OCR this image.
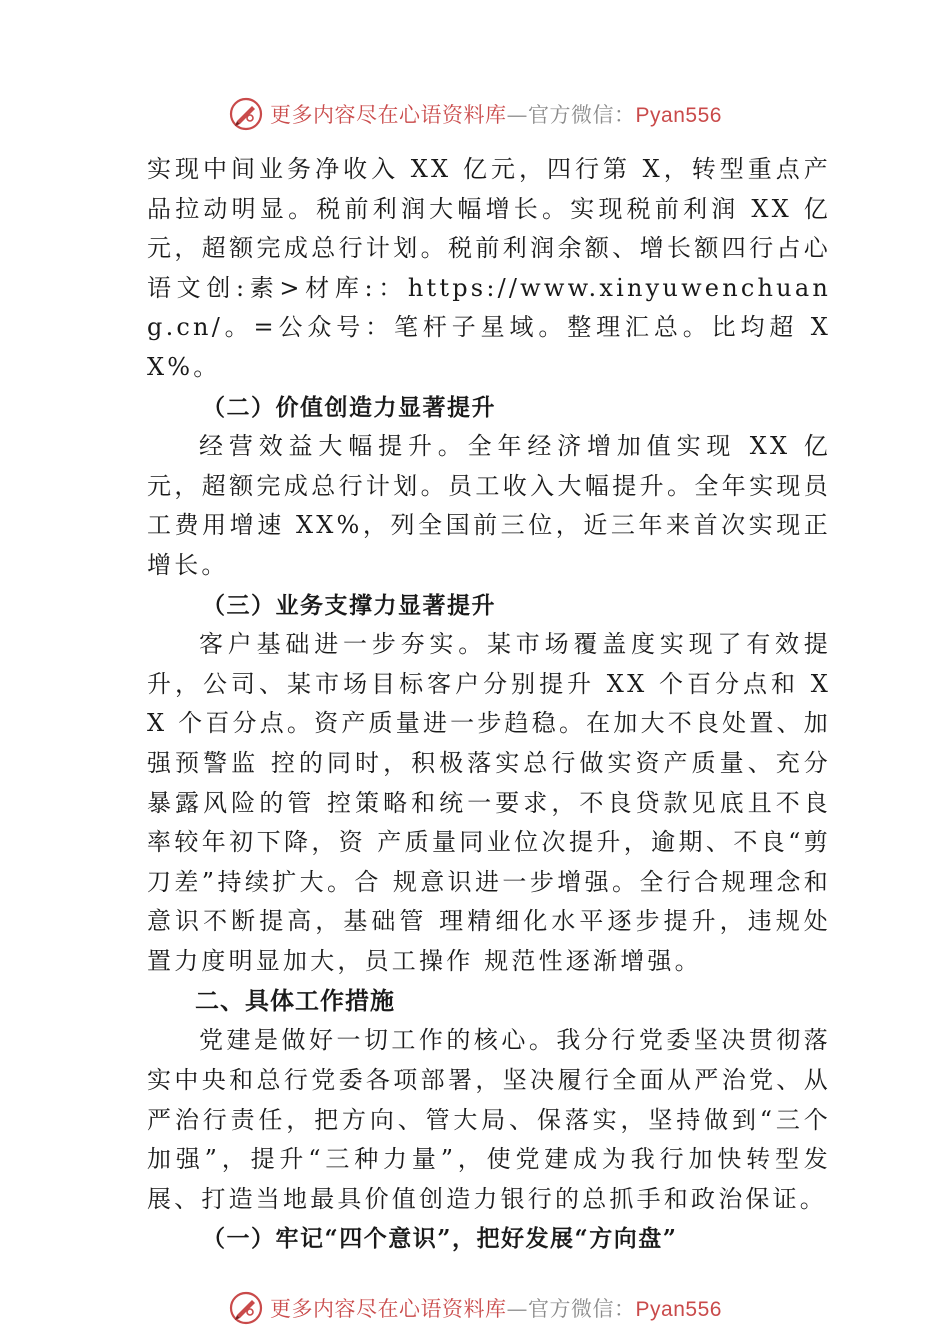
更多内容尽在心语资料库—官方微信：Pyan556

实现中间业务净收入 XX 亿元，四行第 X，转型重点产品拉动明显。税前利润大幅增长。实现税前利润 XX 亿元，超额完成总行计划。税前利润余额、增长额四行占心语文创:素>材库:：https://www.xinyuwenchuang.cn/。=公众号：笔杆子星域。整理汇总。比均超 XX%。

（二）价值创造力显著提升

经营效益大幅提升。全年经济增加值实现 XX 亿元，超额完成总行计划。员工收入大幅提升。全年实现员工费用增速 XX%，列全国前三位，近三年来首次实现正增长。

（三）业务支撑力显著提升

客户基础进一步夯实。某市场覆盖度实现了有效提升，公司、某市场目标客户分别提升 XX 个百分点和 XX 个百分点。资产质量进一步趋稳。在加大不良处置、加强预警监 控的同时，积极落实总行做实资产质量、充分暴露风险的管 控策略和统一要求，不良贷款见底且不良率较年初下降，资 产质量同业位次提升，逾期、不良“剪刀差”持续扩大。合 规意识进一步增强。全行合规理念和意识不断提高，基础管 理精细化水平逐步提升，违规处置力度明显加大，员工操作 规范性逐渐增强。

二、具体工作措施

党建是做好一切工作的核心。我分行党委坚决贯彻落实中央和总行党委各项部署，坚决履行全面从严治党、从严治行责任，把方向、管大局、保落实，坚持做到“三个加强”，提升“三种力量”，使党建成为我行加快转型发展、打造当地最具价值创造力银行的总抓手和政治保证。

（一）牢记“四个意识”，把好发展“方向盘”

更多内容尽在心语资料库—官方微信：Pyan556
